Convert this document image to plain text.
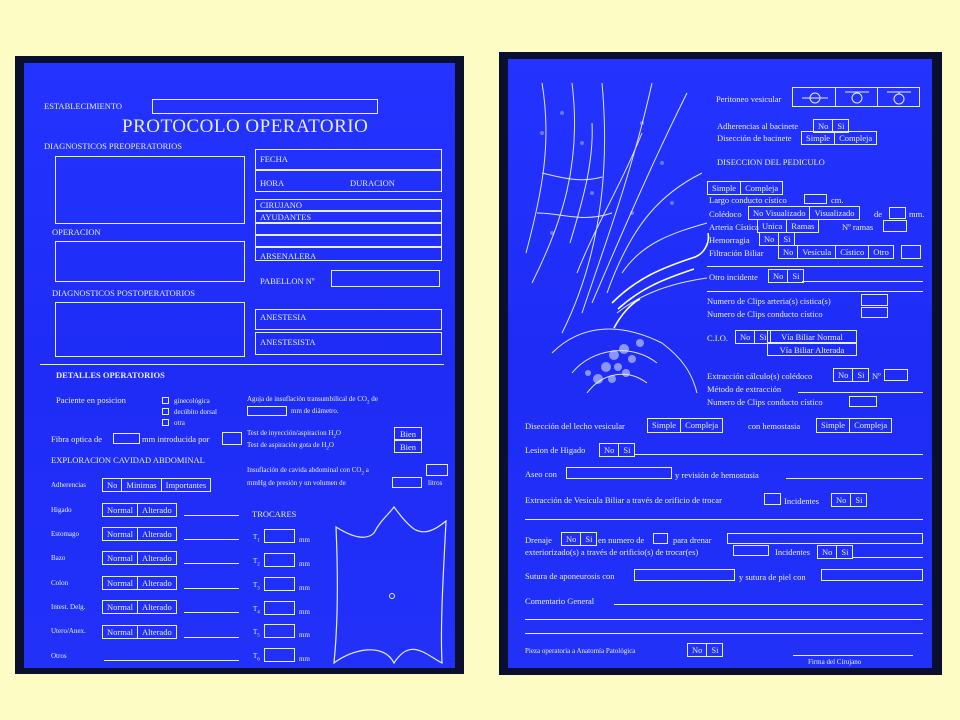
ESTABLECIMIENTO
PROTOCOLO OPERATORIO
DIAGNOSTICOS PREOPERATORIOS
FECHA
HORA	DURACION
CIRUJANO
AYUDANTES
OPERACION
ARSENALERA
PABELLON Nº
DIAGNOSTICOS POSTOPERATORIOS
ANESTESIA
ANESTESISTA
DETALLES OPERATORIOS
Paciente en posicion	ginecológica
decúbito dorsal
otra
Aguja de insuflación transumbilical de $CO_2$ de
mm de diámetro.
Fibra optica de	mm introducida por
Test de inyección/aspiracion $H_2O$
Test de aspiración gota de $H_2O$
Bien
Bien
EXPLORACION CAVIDAD ABDOMINAL
Insuflación de cavida abdominal con $CO_2$ a
mmHg de presión y un volumen de	litros
Adherencias	No	Minimas	Importantes
Higado	Normal	Alterado
Estomago	Normal	Alterado
Bazo	Normal	Alterado
Colon	Normal	Alterado
Intest. Delg.	Normal	Alterado
Utero/Anex.	Normal	Alterado
Otros
TROCARES
$T_1$	mm
$T_2$	mm
$T_3$	mm
$T_4$	mm
$T_5$	mm
$T_6$	mm
Peritoneo vesicular
Adherencias al bacinete	No	Si
Disección de bacinete	Simple	Compleja
DISECCION DEL PEDICULO
Simple	Compleja
Largo conducto cístico	cm.
Colédoco	No Visualizado	Visualizado	de	mm.
Arteria Cística Unica	Ramas	Nº ramas
Hemorragia	No	Si
Filtración Biliar	No	Vesícula	Cístico	Otro
Otro incidente	No	Si
Numero de Clips arteria(s) cistica(s)
Numero de Clips conducto cístico
C.I.O.	No	Si	Vía Biliar Normal
Vía Biliar Alterada
Extracción cálculo(s) colédoco	No	Si Nº
Método de extracción
Numero de Clips conducto cístico
Disección del lecho vesicular	Simple	Compleja	con hemostasia	Simple	Compleja
Lesion de Higado	No	Si
Aseo con	y revisión de hemostasia
Extracción de Vesícula Biliar a través de orificio de trocar	Incidentes	No	Si
Drenaje	No	Si en numero de	para drenar
exteriorizado(s) a través de orificio(s) de trocar(es)	Incidentes	No	Si
Sutura de aponeurosis con	y sutura de piel con
Comentario General
Pieza operatoria a Anatomía Patológica	No	Si
Firma del Cirujano
